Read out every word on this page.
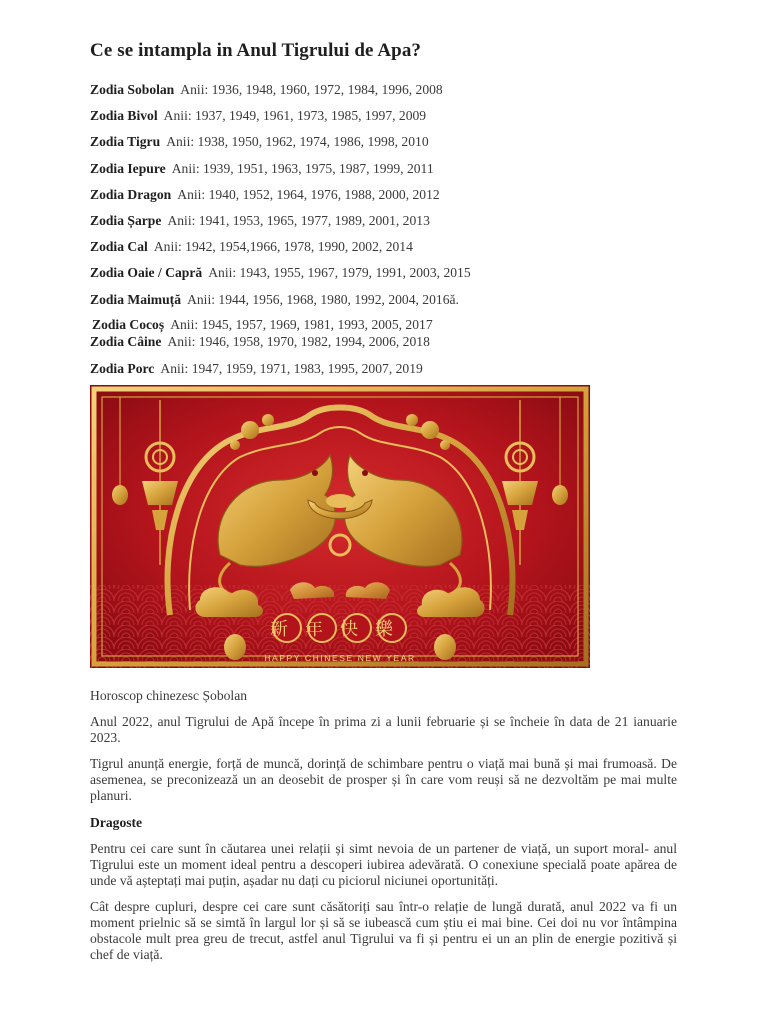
Ce se intampla in Anul Tigrului de Apa?
Zodia Sobolan Anii: 1936, 1948, 1960, 1972, 1984, 1996, 2008
Zodia Bivol Anii: 1937, 1949, 1961, 1973, 1985, 1997, 2009
Zodia Tigru Anii: 1938, 1950, 1962, 1974, 1986, 1998, 2010
Zodia Iepure Anii: 1939, 1951, 1963, 1975, 1987, 1999, 2011
Zodia Dragon Anii: 1940, 1952, 1964, 1976, 1988, 2000, 2012
Zodia Șarpe Anii: 1941, 1953, 1965, 1977, 1989, 2001, 2013
Zodia Cal Anii: 1942, 1954,1966, 1978, 1990, 2002, 2014
Zodia Oaie / Capră Anii: 1943, 1955, 1967, 1979, 1991, 2003, 2015
Zodia Maimuță Anii: 1944, 1956, 1968, 1980, 1992, 2004, 2016ă.
Zodia Cocoș Anii: 1945, 1957, 1969, 1981, 1993, 2005, 2017
Zodia Câine Anii: 1946, 1958, 1970, 1982, 1994, 2006, 2018
Zodia Porc Anii: 1947, 1959, 1971, 1983, 1995, 2007, 2019
新年快樂
HAPPY CHINESE NEW YEAR
Horoscop chinezesc Șobolan
Anul 2022, anul Tigrului de Apă începe în prima zi a lunii februarie și se încheie în data de 21 ianuarie 2023.
Tigrul anunță energie, forță de muncă, dorință de schimbare pentru o viață mai bună și mai frumoasă. De asemenea, se preconizează un an deosebit de prosper și în care vom reuși să ne dezvoltăm pe mai multe planuri.
Dragoste
Pentru cei care sunt în căutarea unei relații și simt nevoia de un partener de viață, un suport moral- anul Tigrului este un moment ideal pentru a descoperi iubirea adevărată. O conexiune specială poate apărea de unde vă așteptați mai puțin, așadar nu dați cu piciorul niciunei oportunități.
Cât despre cupluri, despre cei care sunt căsătoriți sau într-o relație de lungă durată, anul 2022 va fi un moment prielnic să se simtă în largul lor și să se iubească cum știu ei mai bine. Cei doi nu vor întâmpina obstacole mult prea greu de trecut, astfel anul Tigrului va fi și pentru ei un an plin de energie pozitivă și chef de viață.
